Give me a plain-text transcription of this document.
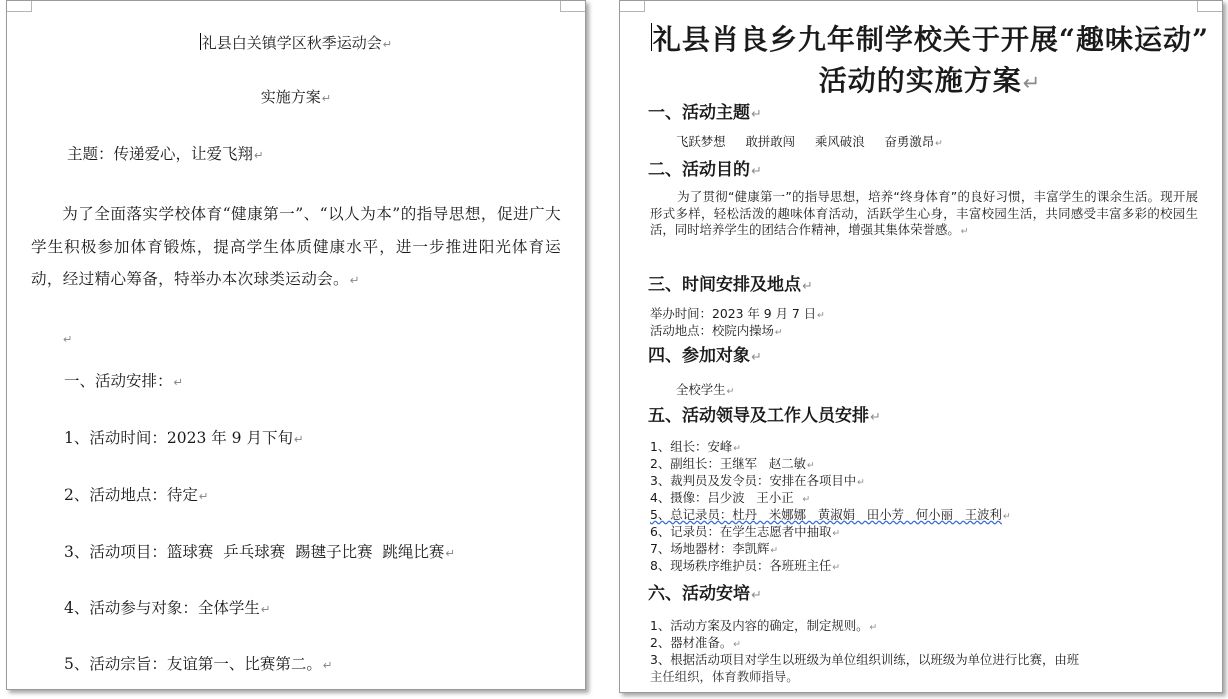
礼县白关镇学区秋季运动会↵
实施方案↵
主题：传递爱心，让爱飞翔↵
为了全面落实学校体育“健康第一”、“以人为本”的指导思想，促进广大学生积极参加体育锻炼，提高学生体质健康水平，进一步推进阳光体育运动，经过精心筹备，特举办本次球类运动会。↵
↵
一、活动安排：↵
1、活动时间：2023 年 9 月下旬↵
2、活动地点：待定↵
3、活动项目：篮球赛  乒乓球赛  踢毽子比赛  跳绳比赛↵
4、活动参与对象：全体学生↵
5、活动宗旨：友谊第一、比赛第二。↵
礼县肖良乡九年制学校关于开展“趣味运动”
活动的实施方案↵
一、活动主题↵
飞跃梦想 敢拼敢闯 乘风破浪 奋勇激昂↵
二、活动目的↵
为了贯彻“健康第一”的指导思想，培养“终身体育”的良好习惯，丰富学生的课余生活。现开展形式多样，轻松活泼的趣味体育活动，活跃学生心身，丰富校园生活，共同感受丰富多彩的校园生活，同时培养学生的团结合作精神，增强其集体荣誉感。↵
三、时间安排及地点↵
举办时间：2023 年 9 月 7 日↵
活动地点：校院内操场↵
四、参加对象↵
全校学生↵
五、活动领导及工作人员安排↵
1、组长：安峰↵
2、副组长：王继军   赵二敏↵
3、裁判员及发令员：安排在各项目中↵
4、摄像：吕少波   王小正  ↵
5、总记录员：杜丹   米娜娜   黄淑娟   田小芳   何小丽   王波利↵
6、记录员：在学生志愿者中抽取↵
7、场地器材：李凯辉↵
8、现场秩序维护员：各班班主任↵
六、活动安培↵
1、活动方案及内容的确定，制定规则。↵
2、器材准备。↵
3、根据活动项目对学生以班级为单位组织训练，以班级为单位进行比赛，由班
主任组织，体育教师指导。
